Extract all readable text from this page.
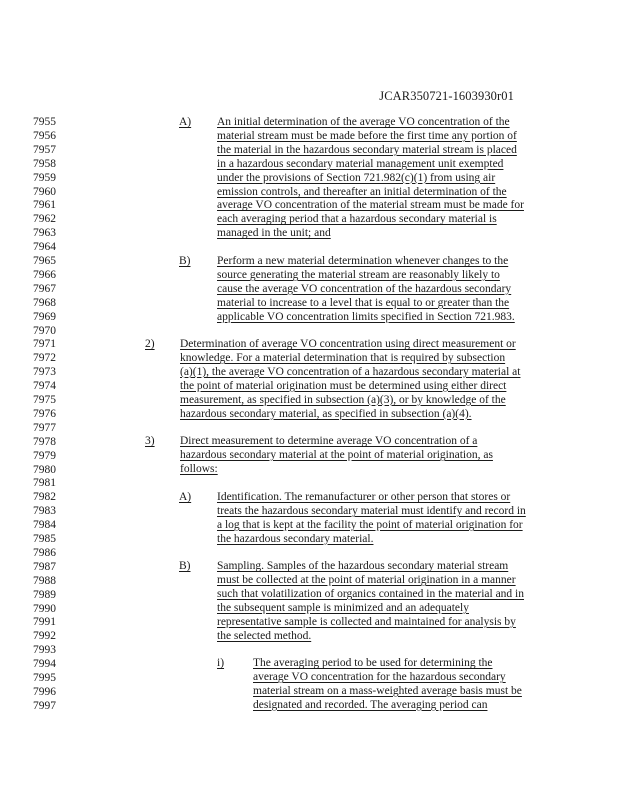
JCAR350721-1603930r01
7955
7956
7957
7958
7959
7960
7961
7962
7963
7964
7965
7966
7967
7968
7969
7970
7971
7972
7973
7974
7975
7976
7977
7978
7979
7980
7981
7982
7983
7984
7985
7986
7987
7988
7989
7990
7991
7992
7993
7994
7995
7996
7997
A)
B)
2)
3)
A)
B)
i)
An initial determination of the average VO concentration of the
material stream must be made before the first time any portion of
the material in the hazardous secondary material stream is placed
in a hazardous secondary material management unit exempted
under the provisions of Section 721.982(c)(1) from using air
emission controls, and thereafter an initial determination of the
average VO concentration of the material stream must be made for
each averaging period that a hazardous secondary material is
managed in the unit; and
Perform a new material determination whenever changes to the
source generating the material stream are reasonably likely to
cause the average VO concentration of the hazardous secondary
material to increase to a level that is equal to or greater than the
applicable VO concentration limits specified in Section 721.983.
Determination of average VO concentration using direct measurement or
knowledge. For a material determination that is required by subsection
(a)(1), the average VO concentration of a hazardous secondary material at
the point of material origination must be determined using either direct
measurement, as specified in subsection (a)(3), or by knowledge of the
hazardous secondary material, as specified in subsection (a)(4).
Direct measurement to determine average VO concentration of a
hazardous secondary material at the point of material origination, as
follows:
Identification. The remanufacturer or other person that stores or
treats the hazardous secondary material must identify and record in
a log that is kept at the facility the point of material origination for
the hazardous secondary material.
Sampling. Samples of the hazardous secondary material stream
must be collected at the point of material origination in a manner
such that volatilization of organics contained in the material and in
the subsequent sample is minimized and an adequately
representative sample is collected and maintained for analysis by
the selected method.
The averaging period to be used for determining the
average VO concentration for the hazardous secondary
material stream on a mass-weighted average basis must be
designated and recorded. The averaging period can
